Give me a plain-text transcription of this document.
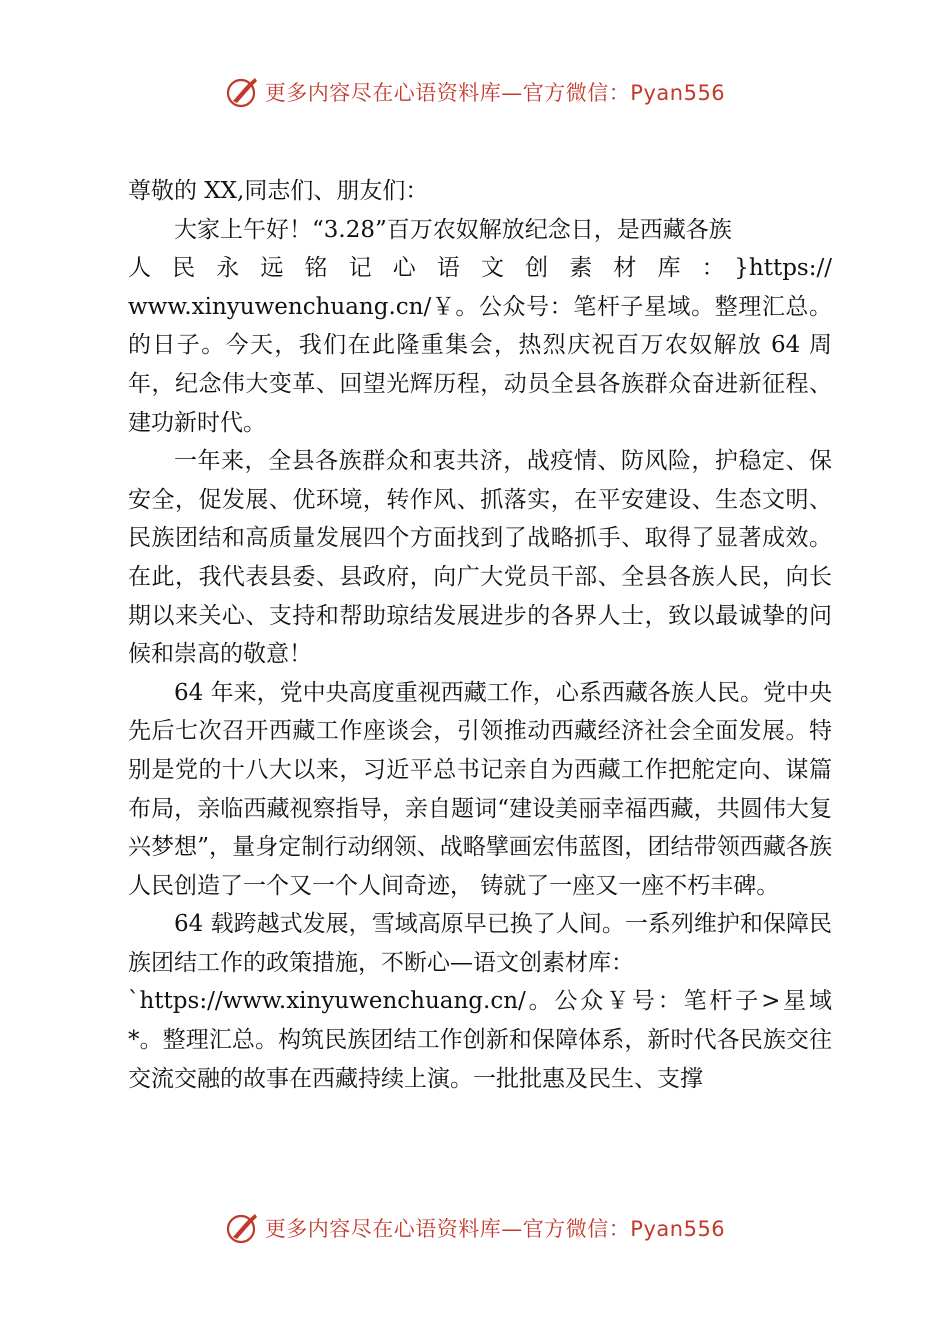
更多内容尽在心语资料库—官方微信：Pyan556

尊敬的 XX,同志们、朋友们：

大家上午好！“3.28”百万农奴解放纪念日，是西藏各族

人民永远铭记心语文创素材库：}https://

www.xinyuwenchuang.cn/￥。公众号：笔杆子星域。整理汇总。的日子。今天，我们在此隆重集会，热烈庆祝百万农奴解放 64 周年，纪念伟大变革、回望光辉历程，动员全县各族群众奋进新征程、建功新时代。

一年来，全县各族群众和衷共济，战疫情、防风险，护稳定、保安全，促发展、优环境，转作风、抓落实，在平安建设、生态文明、民族团结和高质量发展四个方面找到了战略抓手、取得了显著成效。在此，我代表县委、县政府，向广大党员干部、全县各族人民，向长期以来关心、支持和帮助琼结发展进步的各界人士，致以最诚挚的问候和崇高的敬意！

64 年来，党中央高度重视西藏工作，心系西藏各族人民。党中央先后七次召开西藏工作座谈会，引领推动西藏经济社会全面发展。特别是党的十八大以来，习近平总书记亲自为西藏工作把舵定向、谋篇布局，亲临西藏视察指导，亲自题词“建设美丽幸福西藏，共圆伟大复兴梦想”，量身定制行动纲领、战略擘画宏伟蓝图，团结带领西藏各族人民创造了一个又一个人间奇迹， 铸就了一座又一座不朽丰碑。

64 载跨越式发展，雪域高原早已换了人间。一系列维护和保障民族团结工作的政策措施，不断心—语文创素材库：

`https://www.xinyuwenchuang.cn/。公众￥号：笔杆子>星域*。整理汇总。构筑民族团结工作创新和保障体系，新时代各民族交往交流交融的故事在西藏持续上演。一批批惠及民生、支撑

更多内容尽在心语资料库—官方微信：Pyan556
